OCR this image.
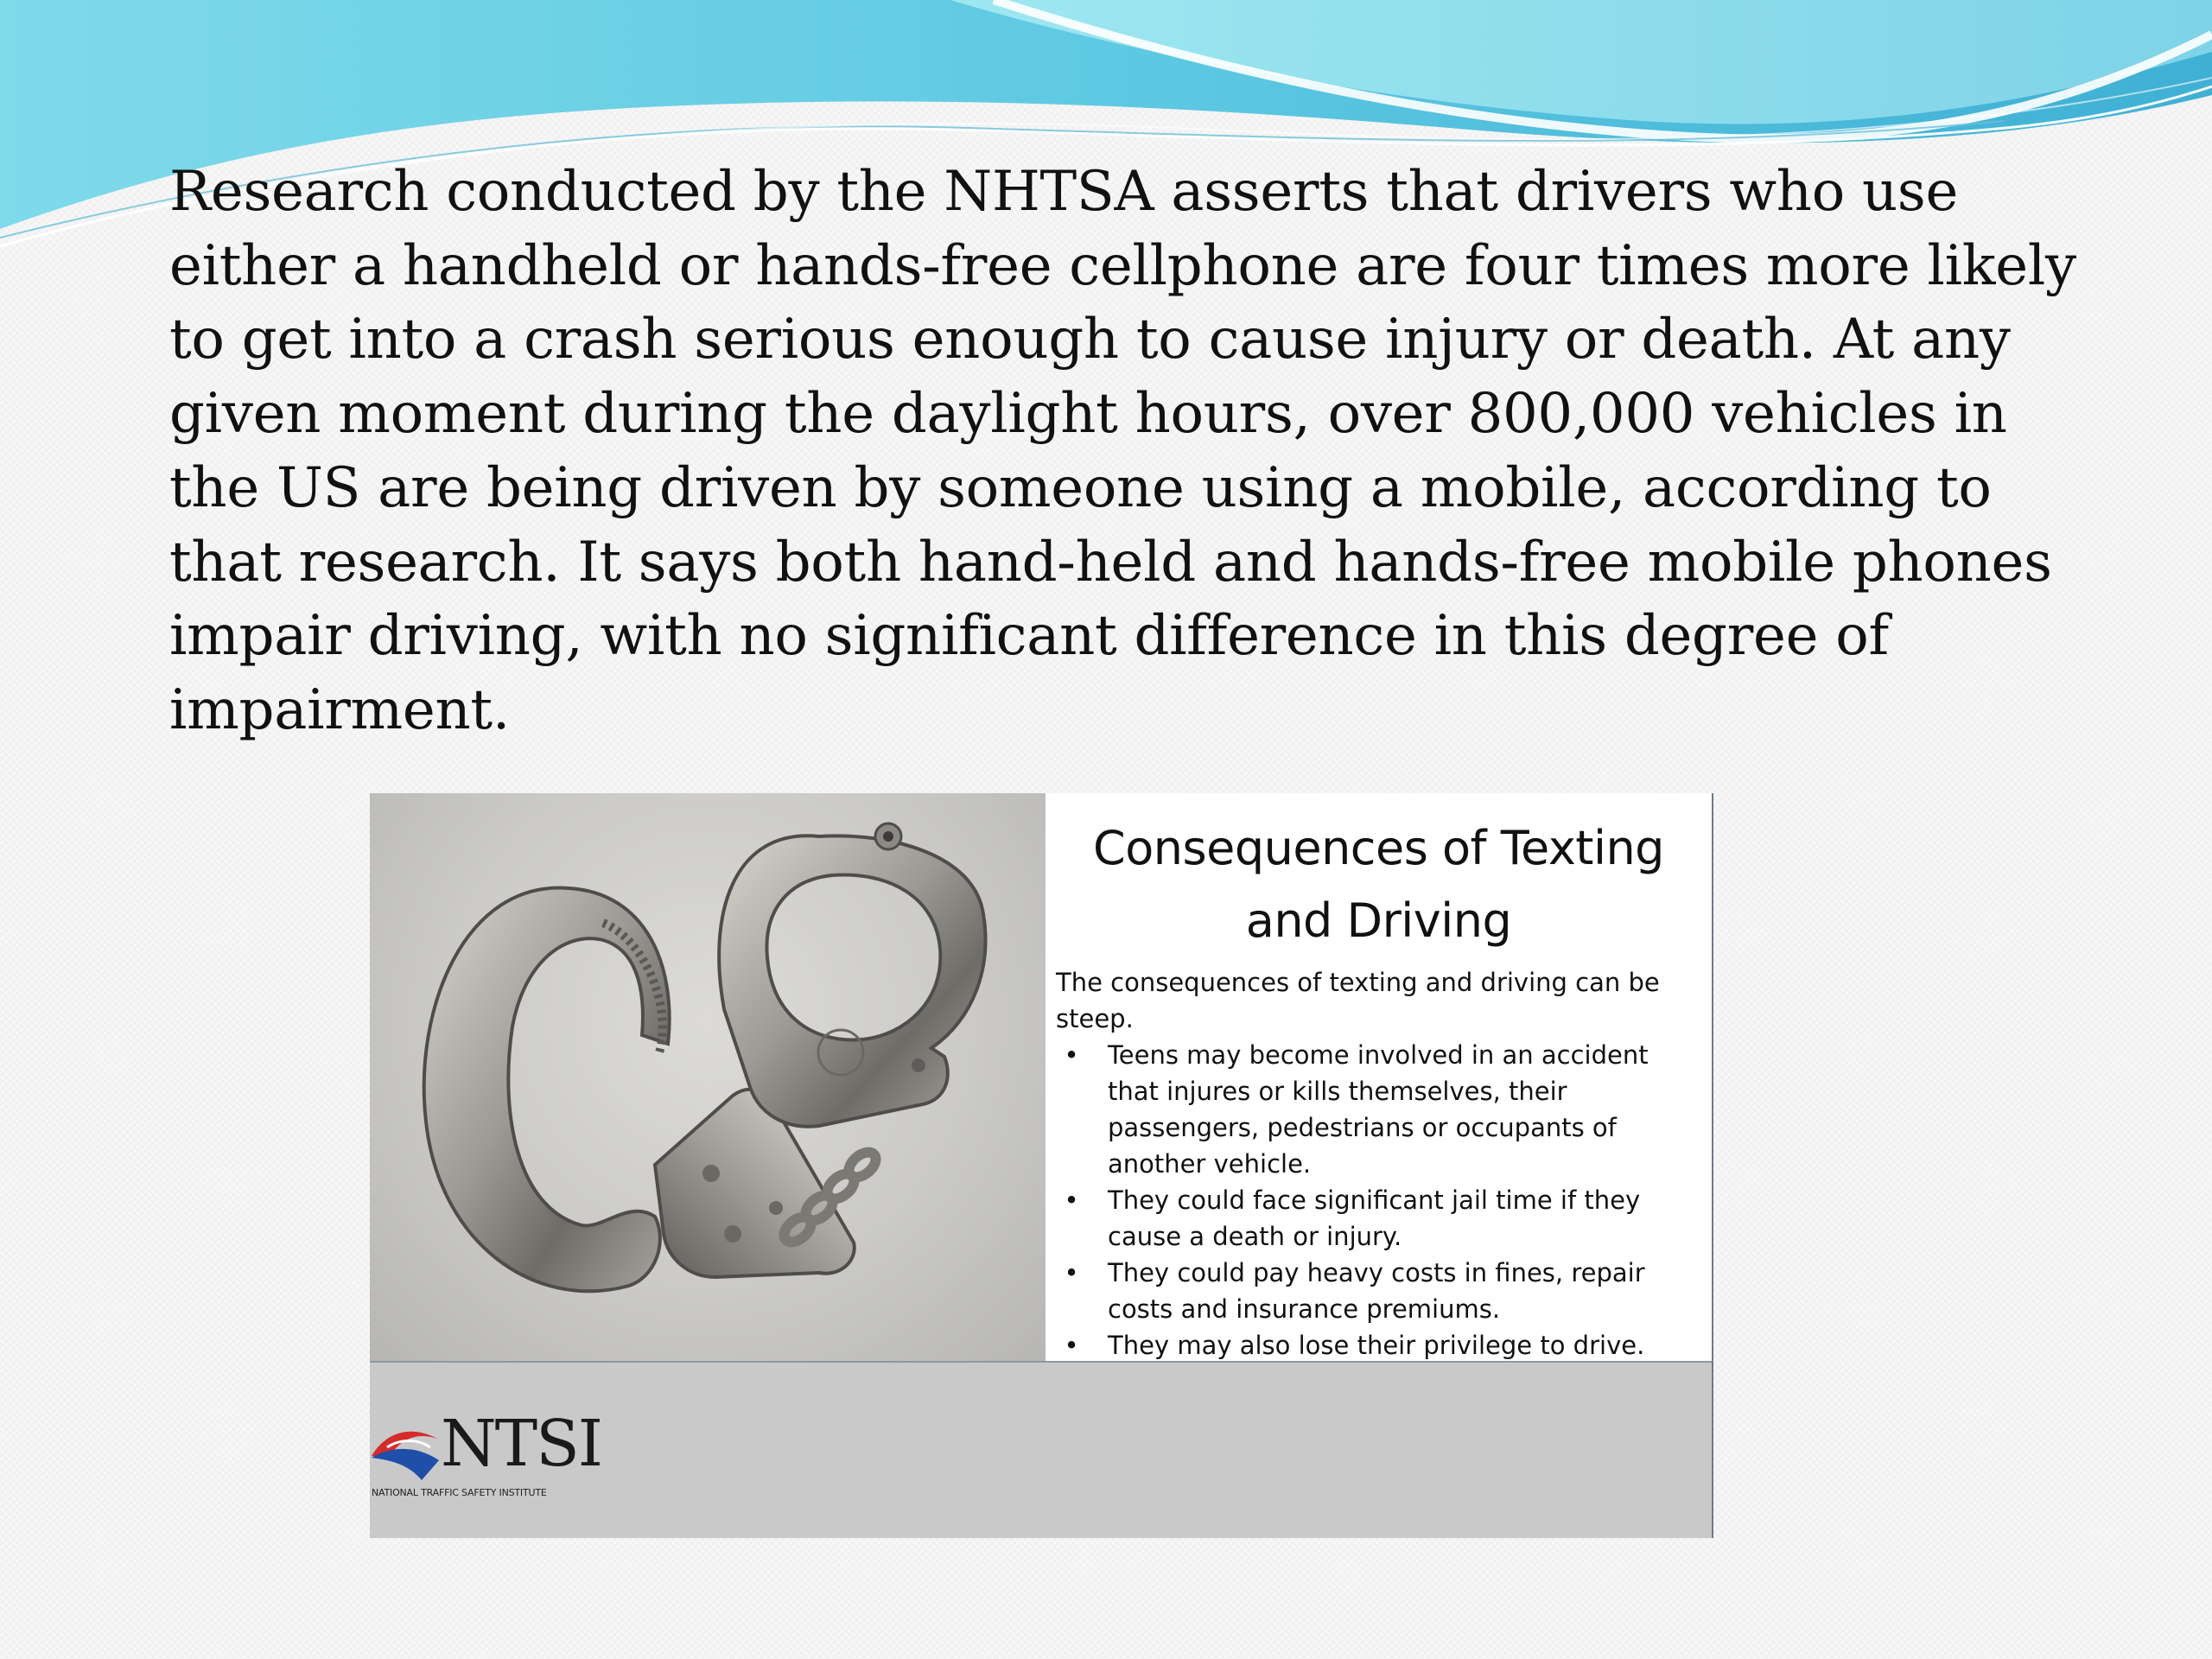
Research conducted by the NHTSA asserts that drivers who use either a handheld or hands-free cellphone are four times more likely to get into a crash serious enough to cause injury or death. At any given moment during the daylight hours, over 800,000 vehicles in the US are being driven by someone using a mobile, according to that research. It says both hand-held and hands-free mobile phones impair driving, with no significant difference in this degree of impairment.

Consequences of Texting and Driving
The consequences of texting and driving can be steep.
•	Teens may become involved in an accident that injures or kills themselves, their passengers, pedestrians or occupants of another vehicle.
•	They could face significant jail time if they cause a death or injury.
•	They could pay heavy costs in fines, repair costs and insurance premiums.
•	They may also lose their privilege to drive.
NTSI
NATIONAL TRAFFIC SAFETY INSTITUTE
